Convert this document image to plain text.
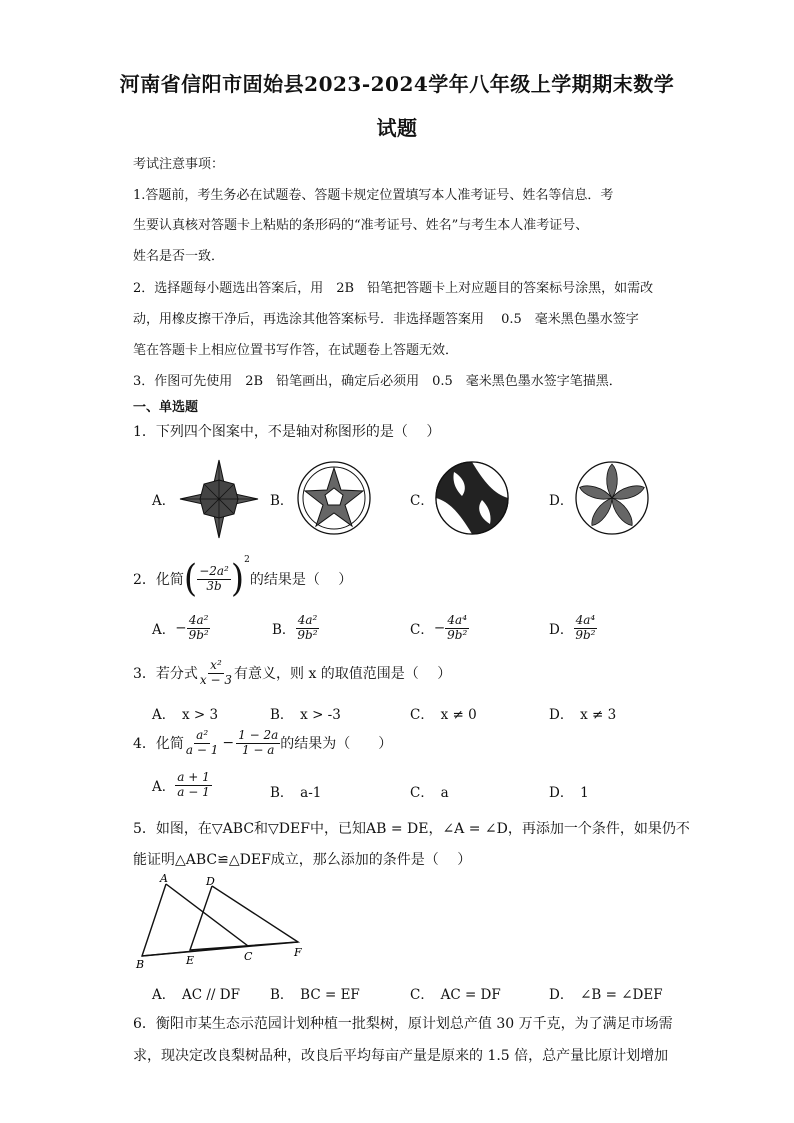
河南省信阳市固始县2023-2024学年八年级上学期期末数学
试题
考试注意事项：
1.答题前，考生务必在试题卷、答题卡规定位置填写本人准考证号、姓名等信息．考
生要认真核对答题卡上粘贴的条形码的“准考证号、姓名”与考生本人准考证号、
姓名是否一致．
2．选择题每小题选出答案后，用　2B　铅笔把答题卡上对应题目的答案标号涂黑，如需改
动，用橡皮擦干净后，再选涂其他答案标号．非选择题答案用　 0.5　毫米黑色墨水签字
笔在答题卡上相应位置书写作答，在试题卷上答题无效．
3．作图可先使用　2B　铅笔画出，确定后必须用　0.5　毫米黑色墨水签字笔描黑．
一、单选题
1．下列四个图案中，不是轴对称图形的是（　 ）
A．	B．	C．	D．
2．化简 ( $\frac{\text{−2a²}}{3b}$ ) 2
的结果是（　 ）
A． − $\frac{\text{4a²}}{\text{9b²}}$	B． $\frac{\text{4a²}}{\text{9b²}}$	C． − $\frac{\text{4a⁴}}{\text{9b²}}$	D． $\frac{\text{4a⁴}}{\text{9b²}}$
3．若分式 $\frac{\text{x²}}{x - 3}$ 有意义，则 x 的取值范围是（　 ）
A．　x > 3	B．　x > -3	C．　x ≠ 0	D．　x ≠ 3
4．化简 $\frac{\text{a²}}{a - 1} - \frac{1 - 2a}{1 - a}$ 的结果为（　　）
A． $\frac{a + 1}{a - 1}$	B．　a-1	C．　a	D．　1
5．如图，在▽ABC和▽DEF中，已知AB = DE，∠A = ∠D，再添加一个条件，如果仍不
能证明△ABC≌△DEF成立，那么添加的条件是（　 ）
A	D
B	E	C	F
A．　AC // DF B．　BC = EF	C．　AC = DF	D．　∠B = ∠DEF
6．衡阳市某生态示范园计划种植一批梨树，原计划总产值 30 万千克，为了满足市场需
求，现决定改良梨树品种，改良后平均每亩产量是原来的 1.5 倍，总产量比原计划增加
